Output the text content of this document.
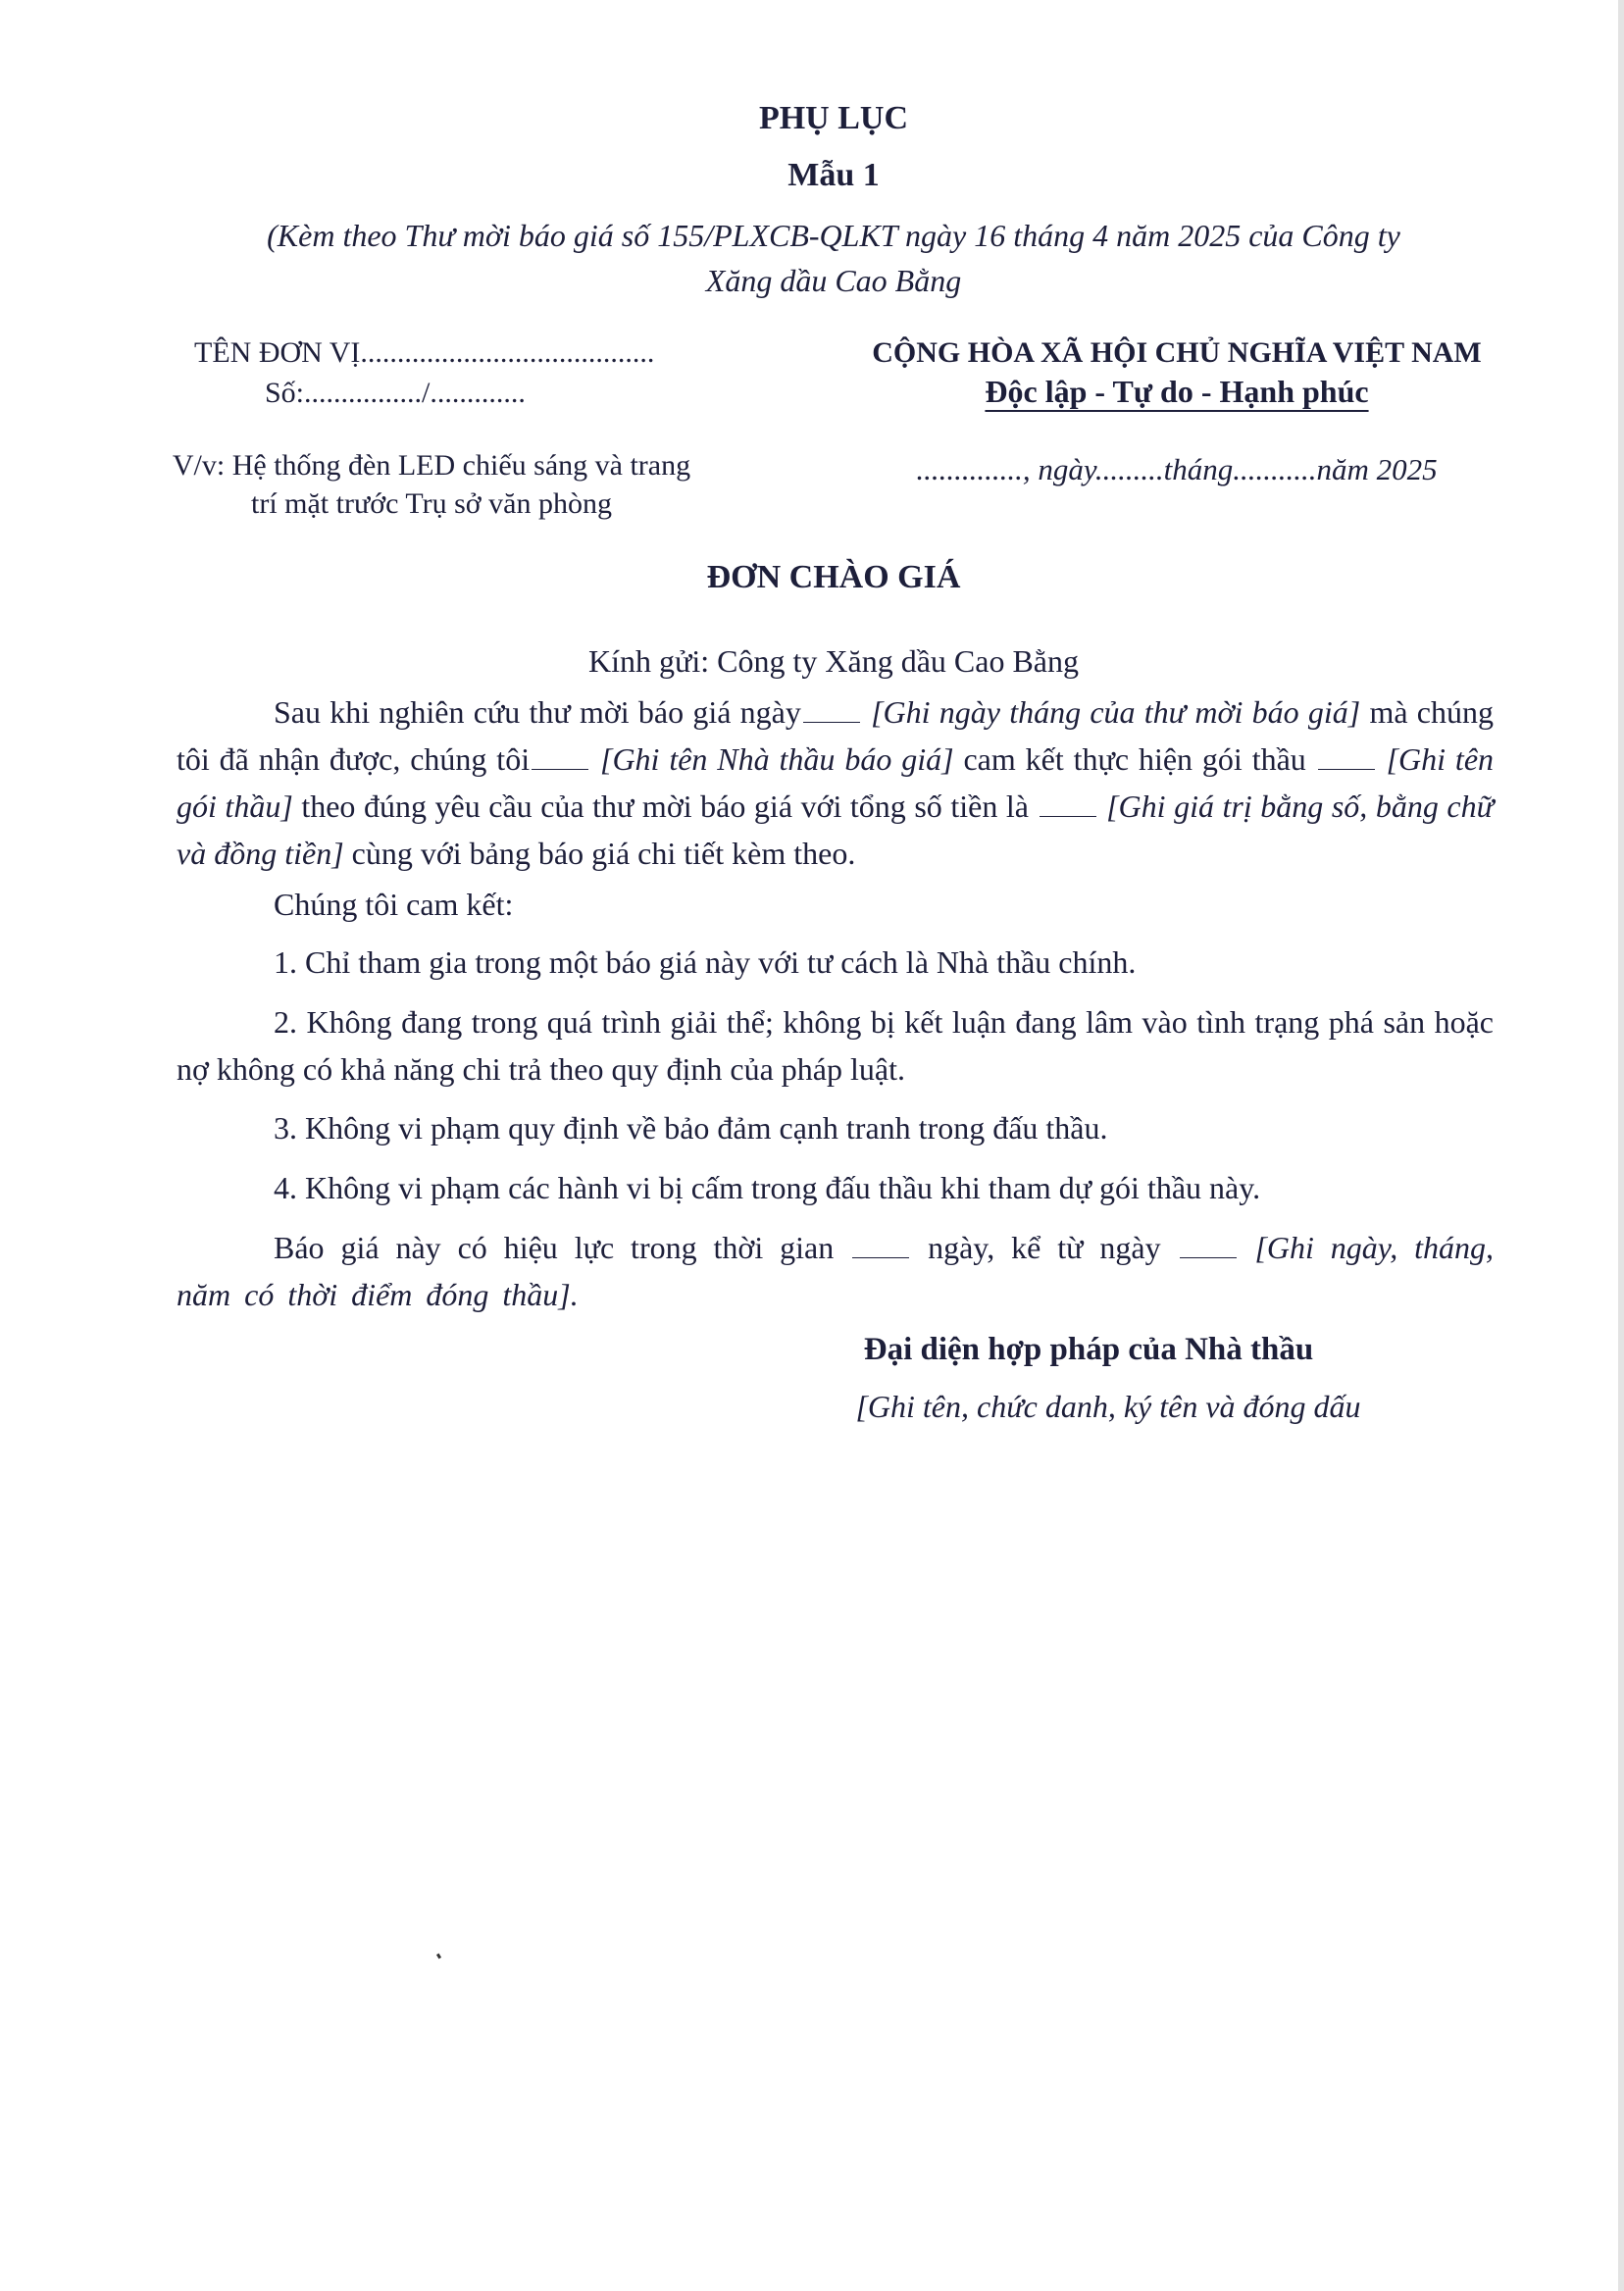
PHỤ LỤC
Mẫu 1
(Kèm theo Thư mời báo giá số 155/PLXCB-QLKT ngày 16 tháng 4 năm 2025 của Công ty
Xăng dầu Cao Bằng
TÊN ĐƠN VỊ........................................
Số:................/.............
V/v: Hệ thống đèn LED chiếu sáng và trang
trí mặt trước Trụ sở văn phòng
CỘNG HÒA XÃ HỘI CHỦ NGHĨA VIỆT NAM
Độc lập - Tự do - Hạnh phúc
.............., ngày.........tháng...........năm 2025
ĐƠN CHÀO GIÁ
Kính gửi: Công ty Xăng dầu Cao Bằng
Sau khi nghiên cứu thư mời báo giá ngày [Ghi ngày tháng của thư mời báo giá] mà chúng tôi đã nhận được, chúng tôi [Ghi tên Nhà thầu báo giá] cam kết thực hiện gói thầu	[Ghi tên gói thầu] theo đúng yêu cầu của thư mời báo giá với tổng số tiền là [Ghi giá trị bằng số, bằng chữ và đồng tiền] cùng với bảng báo giá chi tiết kèm theo.
Chúng tôi cam kết:
1. Chỉ tham gia trong một báo giá này với tư cách là Nhà thầu chính.
2. Không đang trong quá trình giải thể; không bị kết luận đang lâm vào tình trạng phá sản hoặc nợ không có khả năng chi trả theo quy định của pháp luật.
3. Không vi phạm quy định về bảo đảm cạnh tranh trong đấu thầu.
4. Không vi phạm các hành vi bị cấm trong đấu thầu khi tham dự gói thầu này.
Báo giá này có hiệu lực trong thời gian	ngày, kể từ ngày	[Ghi ngày, tháng, năm có thời điểm đóng thầu].
Đại diện hợp pháp của Nhà thầu
[Ghi tên, chức danh, ký tên và đóng dấu
